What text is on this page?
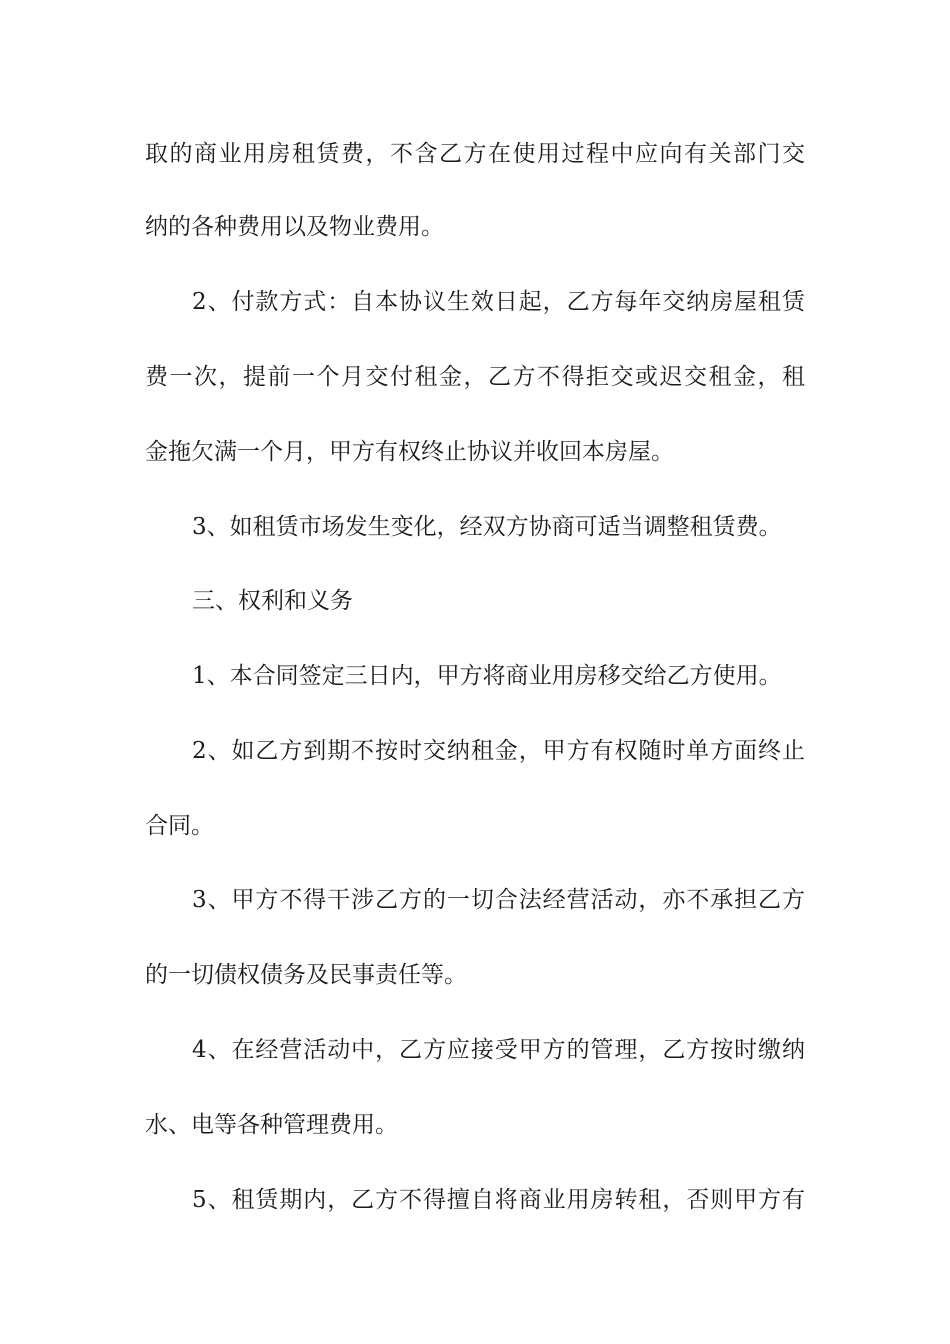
取的商业用房租赁费，不含乙方在使用过程中应向有关部门交
纳的各种费用以及物业费用。
2、付款方式：自本协议生效日起，乙方每年交纳房屋租赁
费一次，提前一个月交付租金，乙方不得拒交或迟交租金，租
金拖欠满一个月，甲方有权终止协议并收回本房屋。
3、如租赁市场发生变化，经双方协商可适当调整租赁费。
三、权利和义务
1、本合同签定三日内，甲方将商业用房移交给乙方使用。
2、如乙方到期不按时交纳租金，甲方有权随时单方面终止
合同。
3、甲方不得干涉乙方的一切合法经营活动，亦不承担乙方
的一切债权债务及民事责任等。
4、在经营活动中，乙方应接受甲方的管理，乙方按时缴纳
水、电等各种管理费用。
5、租赁期内，乙方不得擅自将商业用房转租，否则甲方有
